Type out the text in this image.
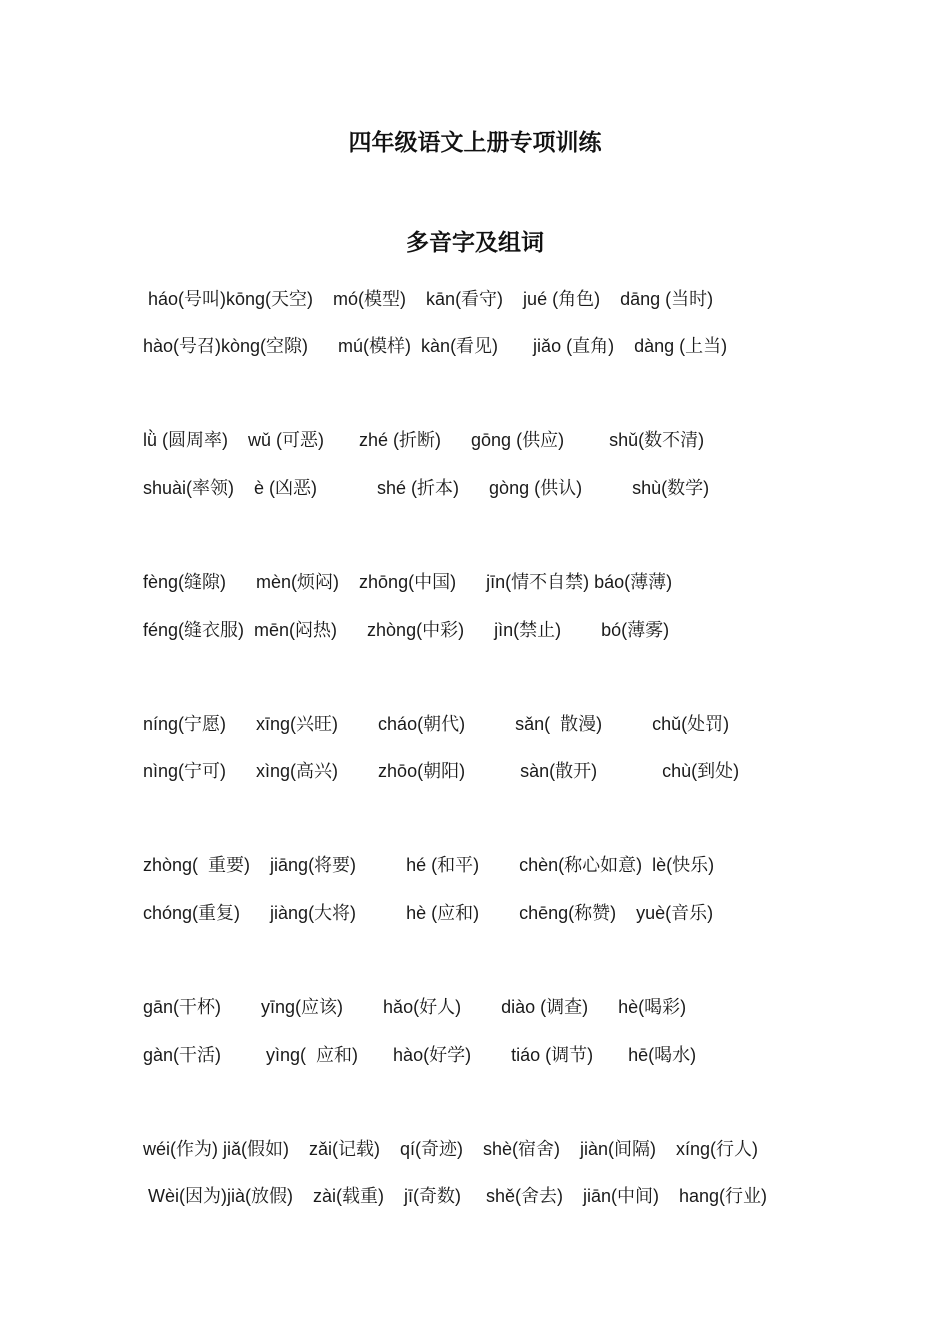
四年级语文上册专项训练
多音字及组词
háo(号叫)kōng(天空)    mó(模型)    kān(看守)    jué (角色)    dāng (当时)
hào(号召)kòng(空隙)      mú(模样)  kàn(看见)       jiǎo (直角)    dàng (上当)
lǜ (圆周率)    wǔ (可恶)       zhé (折断)      gōng (供应)         shǔ(数不清)
shuài(率领)    è (凶恶)            shé (折本)      gòng (供认)          shù(数学)
fèng(缝隙)      mèn(烦闷)    zhōng(中国)      jīn(情不自禁) báo(薄薄)
féng(缝衣服)  mēn(闷热)      zhòng(中彩)      jìn(禁止)        bó(薄雾)
níng(宁愿)      xīng(兴旺)        cháo(朝代)          sǎn(  散漫)          chǔ(处罚)
nìng(宁可)      xìng(高兴)        zhōo(朝阳)           sàn(散开)             chù(到处)
zhòng(  重要)    jiāng(将要)          hé (和平)        chèn(称心如意)  lè(快乐)
chóng(重复)      jiàng(大将)          hè (应和)        chēng(称赞)    yuè(音乐)
gān(干杯)        yīng(应该)        hǎo(好人)        diào (调查)      hè(喝彩)
gàn(干活)         yìng(  应和)       hào(好学)        tiáo (调节)       hē(喝水)
wéi(作为) jiǎ(假如)    zǎi(记载)    qí(奇迹)    shè(宿舍)    jiàn(间隔)    xíng(行人)
Wèi(因为)jià(放假)    zài(载重)    jī(奇数)     shě(舍去)    jiān(中间)    hang(行业)
